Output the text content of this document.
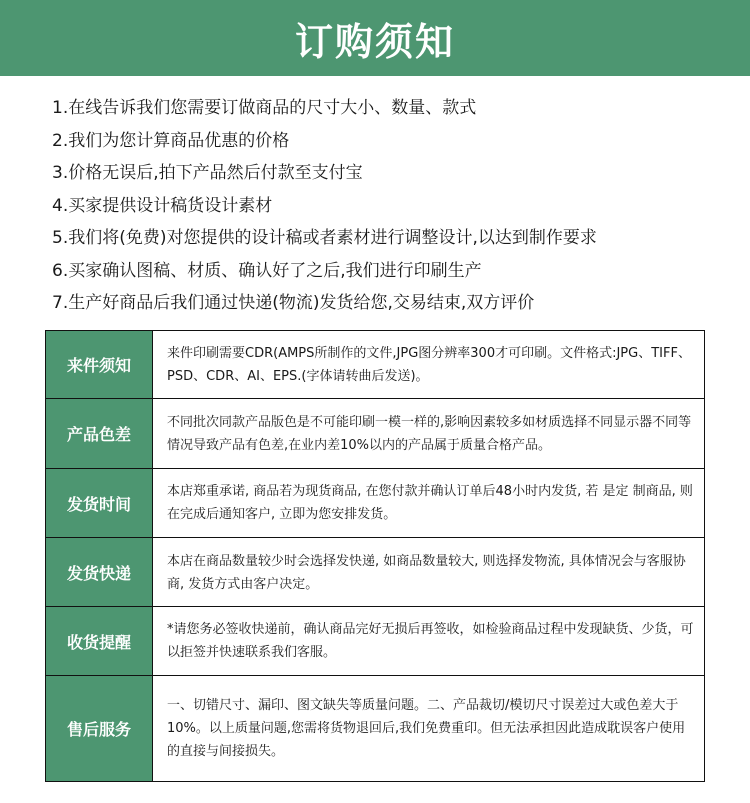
订购须知
1.在线告诉我们您需要订做商品的尺寸大小、数量、款式
2.我们为您计算商品优惠的价格
3.价格无误后,拍下产品然后付款至支付宝
4.买家提供设计稿货设计素材
5.我们将(免费)对您提供的设计稿或者素材进行调整设计,以达到制作要求
6.买家确认图稿、材质、确认好了之后,我们进行印刷生产
7.生产好商品后我们通过快递(物流)发货给您,交易结束,双方评价
来件须知	来件印刷需要CDR(AMPS所制作的文件,JPG图分辨率300才可印刷。文件格式:JPG、TIFF、PSD、CDR、AI、EPS.(字体请转曲后发送)。
产品色差	不同批次同款产品版色是不可能印刷一模一样的,影响因素较多如材质选择不同显示器不同等情况导致产品有色差,在业内差10%以内的产品属于质量合格产品。
发货时间	本店郑重承诺, 商品若为现货商品, 在您付款并确认订单后48小时内发货, 若 是定 制商品, 则在完成后通知客户, 立即为您安排发货。
发货快递	本店在商品数量较少时会选择发快递, 如商品数量较大, 则选择发物流, 具体情况会与客服协商, 发货方式由客户决定。
收货提醒	*请您务必签收快递前，确认商品完好无损后再签收，如检验商品过程中发现缺货、少货，可以拒签并快速联系我们客服。
售后服务	一、切错尺寸、漏印、图文缺失等质量问题。二、产品裁切/模切尺寸误差过大或色差大于10%。以上质量问题,您需将货物退回后,我们免费重印。但无法承担因此造成耽误客户使用的直接与间接损失。
